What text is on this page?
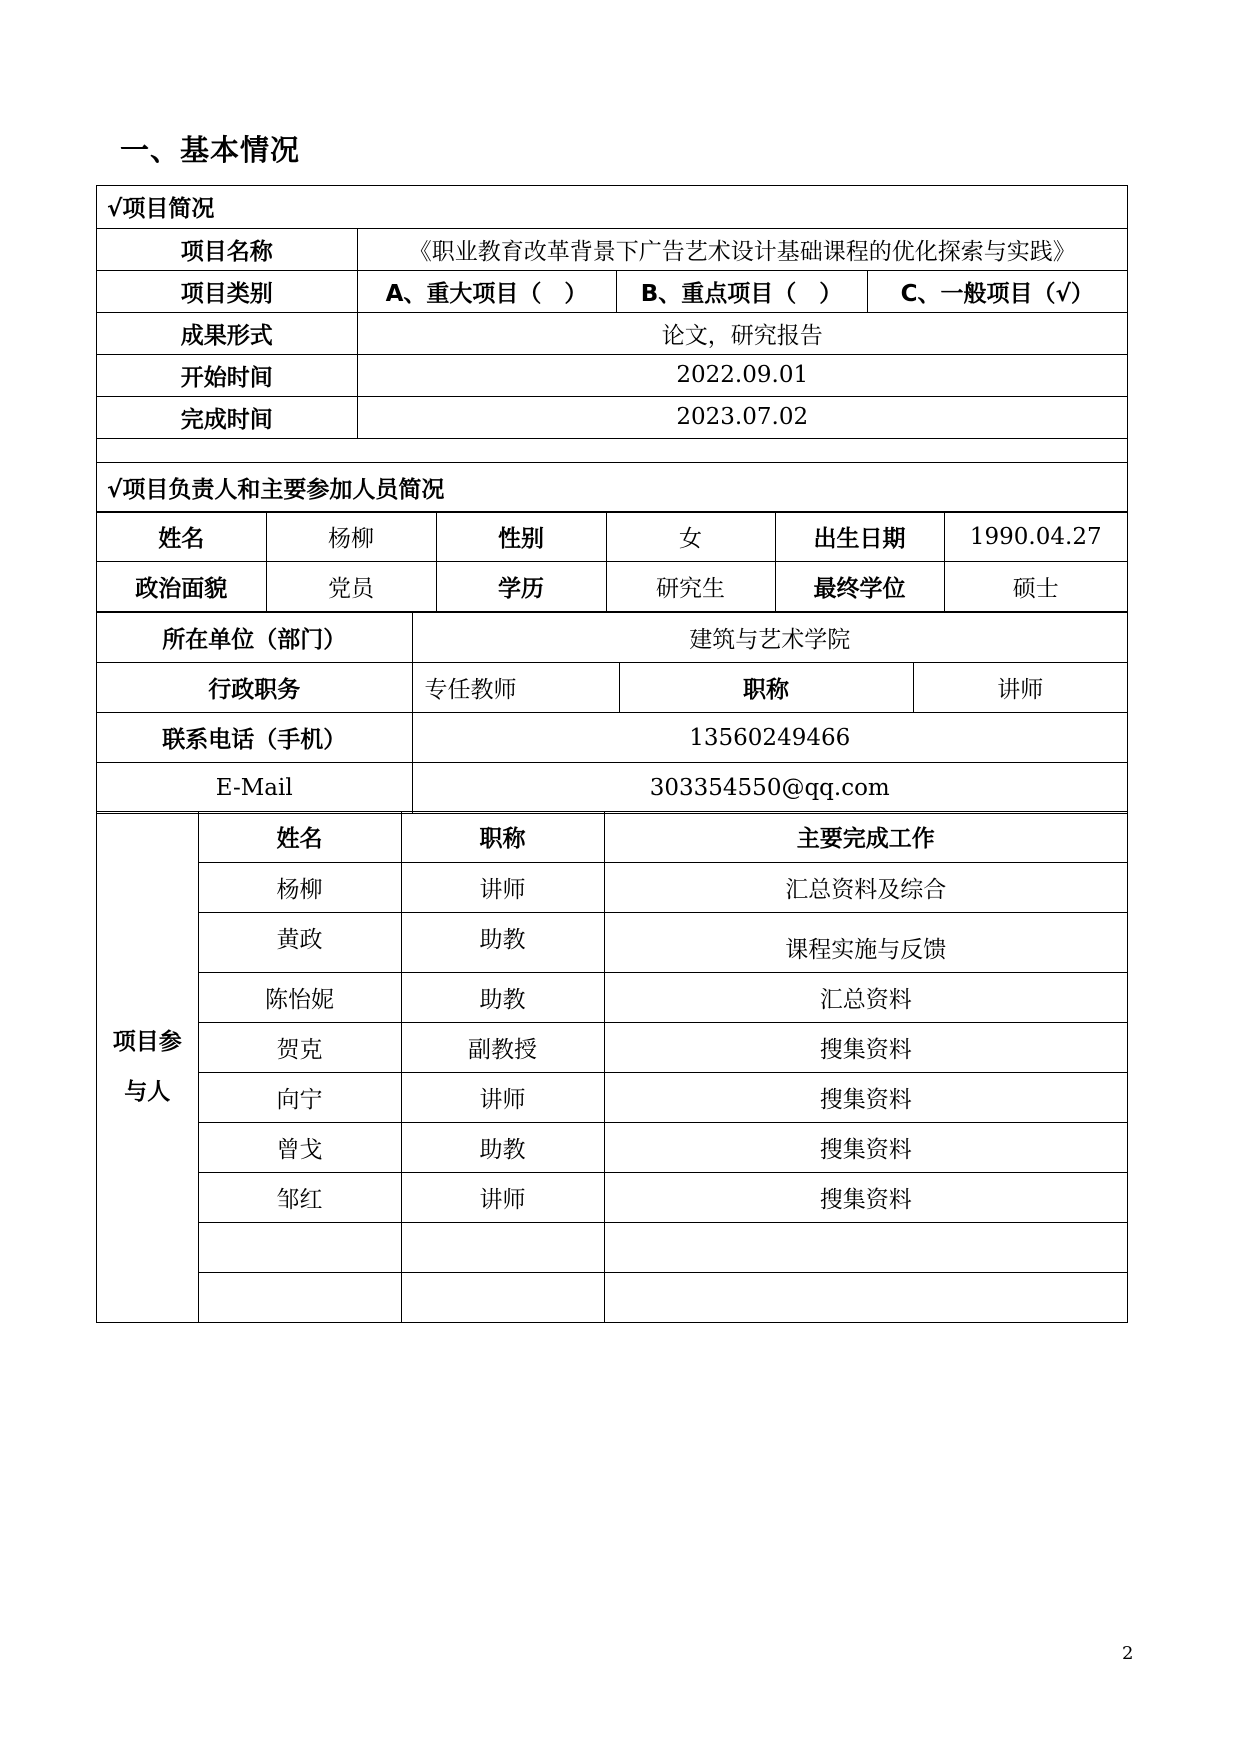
一、基本情况
√项目简况			
项目名称	《职业教育改革背景下广告艺术设计基础课程的优化探索与实践》		
项目类别	A、重大项目（　）	B、重点项目（　）	C、一般项目（√）
成果形式	论文，研究报告		
开始时间	2022.09.01		
完成时间	2023.07.02		

√项目负责人和主要参加人员简况			
姓名	杨柳	性别	女	出生日期	1990.04.27
政治面貌	党员	学历	研究生	最终学位	硕士
所在单位（部门）	建筑与艺术学院		
行政职务	专任教师	职称	讲师
联系电话（手机）	13560249466		
E-Mail	303354550@qq.com		
项目参
与人	姓名	职称	主要完成工作
	杨柳	讲师	汇总资料及综合
	黄政	助教	课程实施与反馈
	陈怡妮	助教	汇总资料
	贺克	副教授	搜集资料
	向宁	讲师	搜集资料
	曾戈	助教	搜集资料
	邹红	讲师	搜集资料

2
